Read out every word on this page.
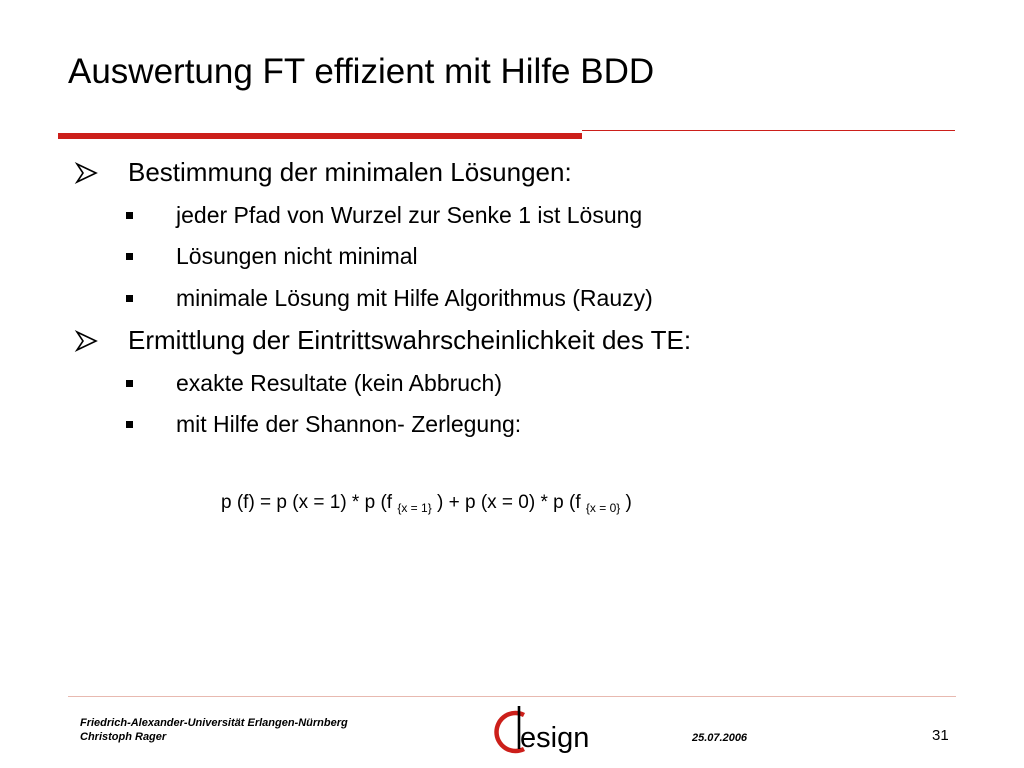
Auswertung FT effizient mit Hilfe BDD
Bestimmung der minimalen Lösungen:
jeder Pfad von Wurzel zur Senke 1 ist Lösung
Lösungen nicht minimal
minimale Lösung mit Hilfe Algorithmus (Rauzy)
Ermittlung der Eintrittswahrscheinlichkeit des TE:
exakte Resultate (kein Abbruch)
mit Hilfe der Shannon- Zerlegung:
p (f) = p (x = 1) * p (f $_{\{x = 1\}}$ ) + p (x = 0) * p (f $_{\{x = 0\}}$ )
Friedrich-Alexander-Universität Erlangen-Nürnberg
Christoph Rager	esign	25.07.2006	31
